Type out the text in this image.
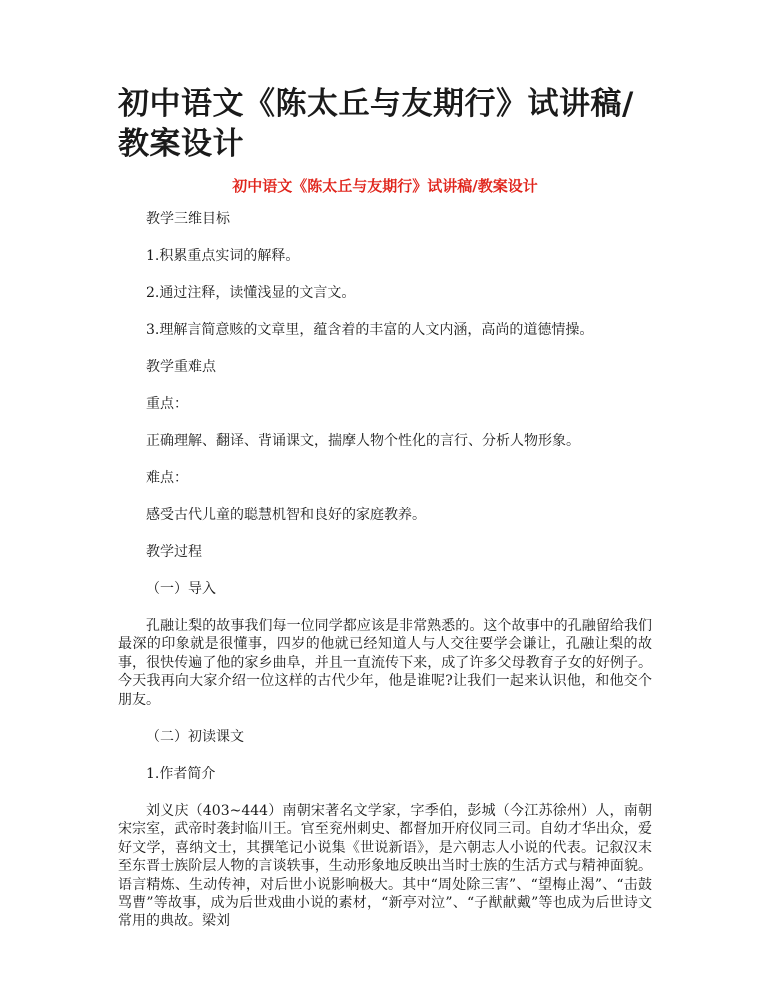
初中语文《陈太丘与友期行》试讲稿/教案设计
初中语文《陈太丘与友期行》试讲稿/教案设计

教学三维目标

1.积累重点实词的解释。

2.通过注释，读懂浅显的文言文。

3.理解言简意赅的文章里，蕴含着的丰富的人文内涵，高尚的道德情操。

教学重难点

重点：

正确理解、翻译、背诵课文，揣摩人物个性化的言行、分析人物形象。

难点：

感受古代儿童的聪慧机智和良好的家庭教养。

教学过程

（一）导入

孔融让梨的故事我们每一位同学都应该是非常熟悉的。这个故事中的孔融留给我们最深的印象就是很懂事，四岁的他就已经知道人与人交往要学会谦让，孔融让梨的故事，很快传遍了他的家乡曲阜，并且一直流传下来，成了许多父母教育子女的好例子。今天我再向大家介绍一位这样的古代少年，他是谁呢?让我们一起来认识他，和他交个朋友。

（二）初读课文

1.作者简介

刘义庆（403~444）南朝宋著名文学家，字季伯，彭城（今江苏徐州）人，南朝宋宗室，武帝时袭封临川王。官至兖州刺史、都督加开府仪同三司。自幼才华出众，爱好文学，喜纳文士，其撰笔记小说集《世说新语》，是六朝志人小说的代表。记叙汉末至东晋士族阶层人物的言谈轶事，生动形象地反映出当时士族的生活方式与精神面貌。语言精炼、生动传神，对后世小说影响极大。其中“周处除三害”、“望梅止渴”、“击鼓骂曹”等故事，成为后世戏曲小说的素材，“新亭对泣”、“子猷献戴”等也成为后世诗文常用的典故。梁刘
